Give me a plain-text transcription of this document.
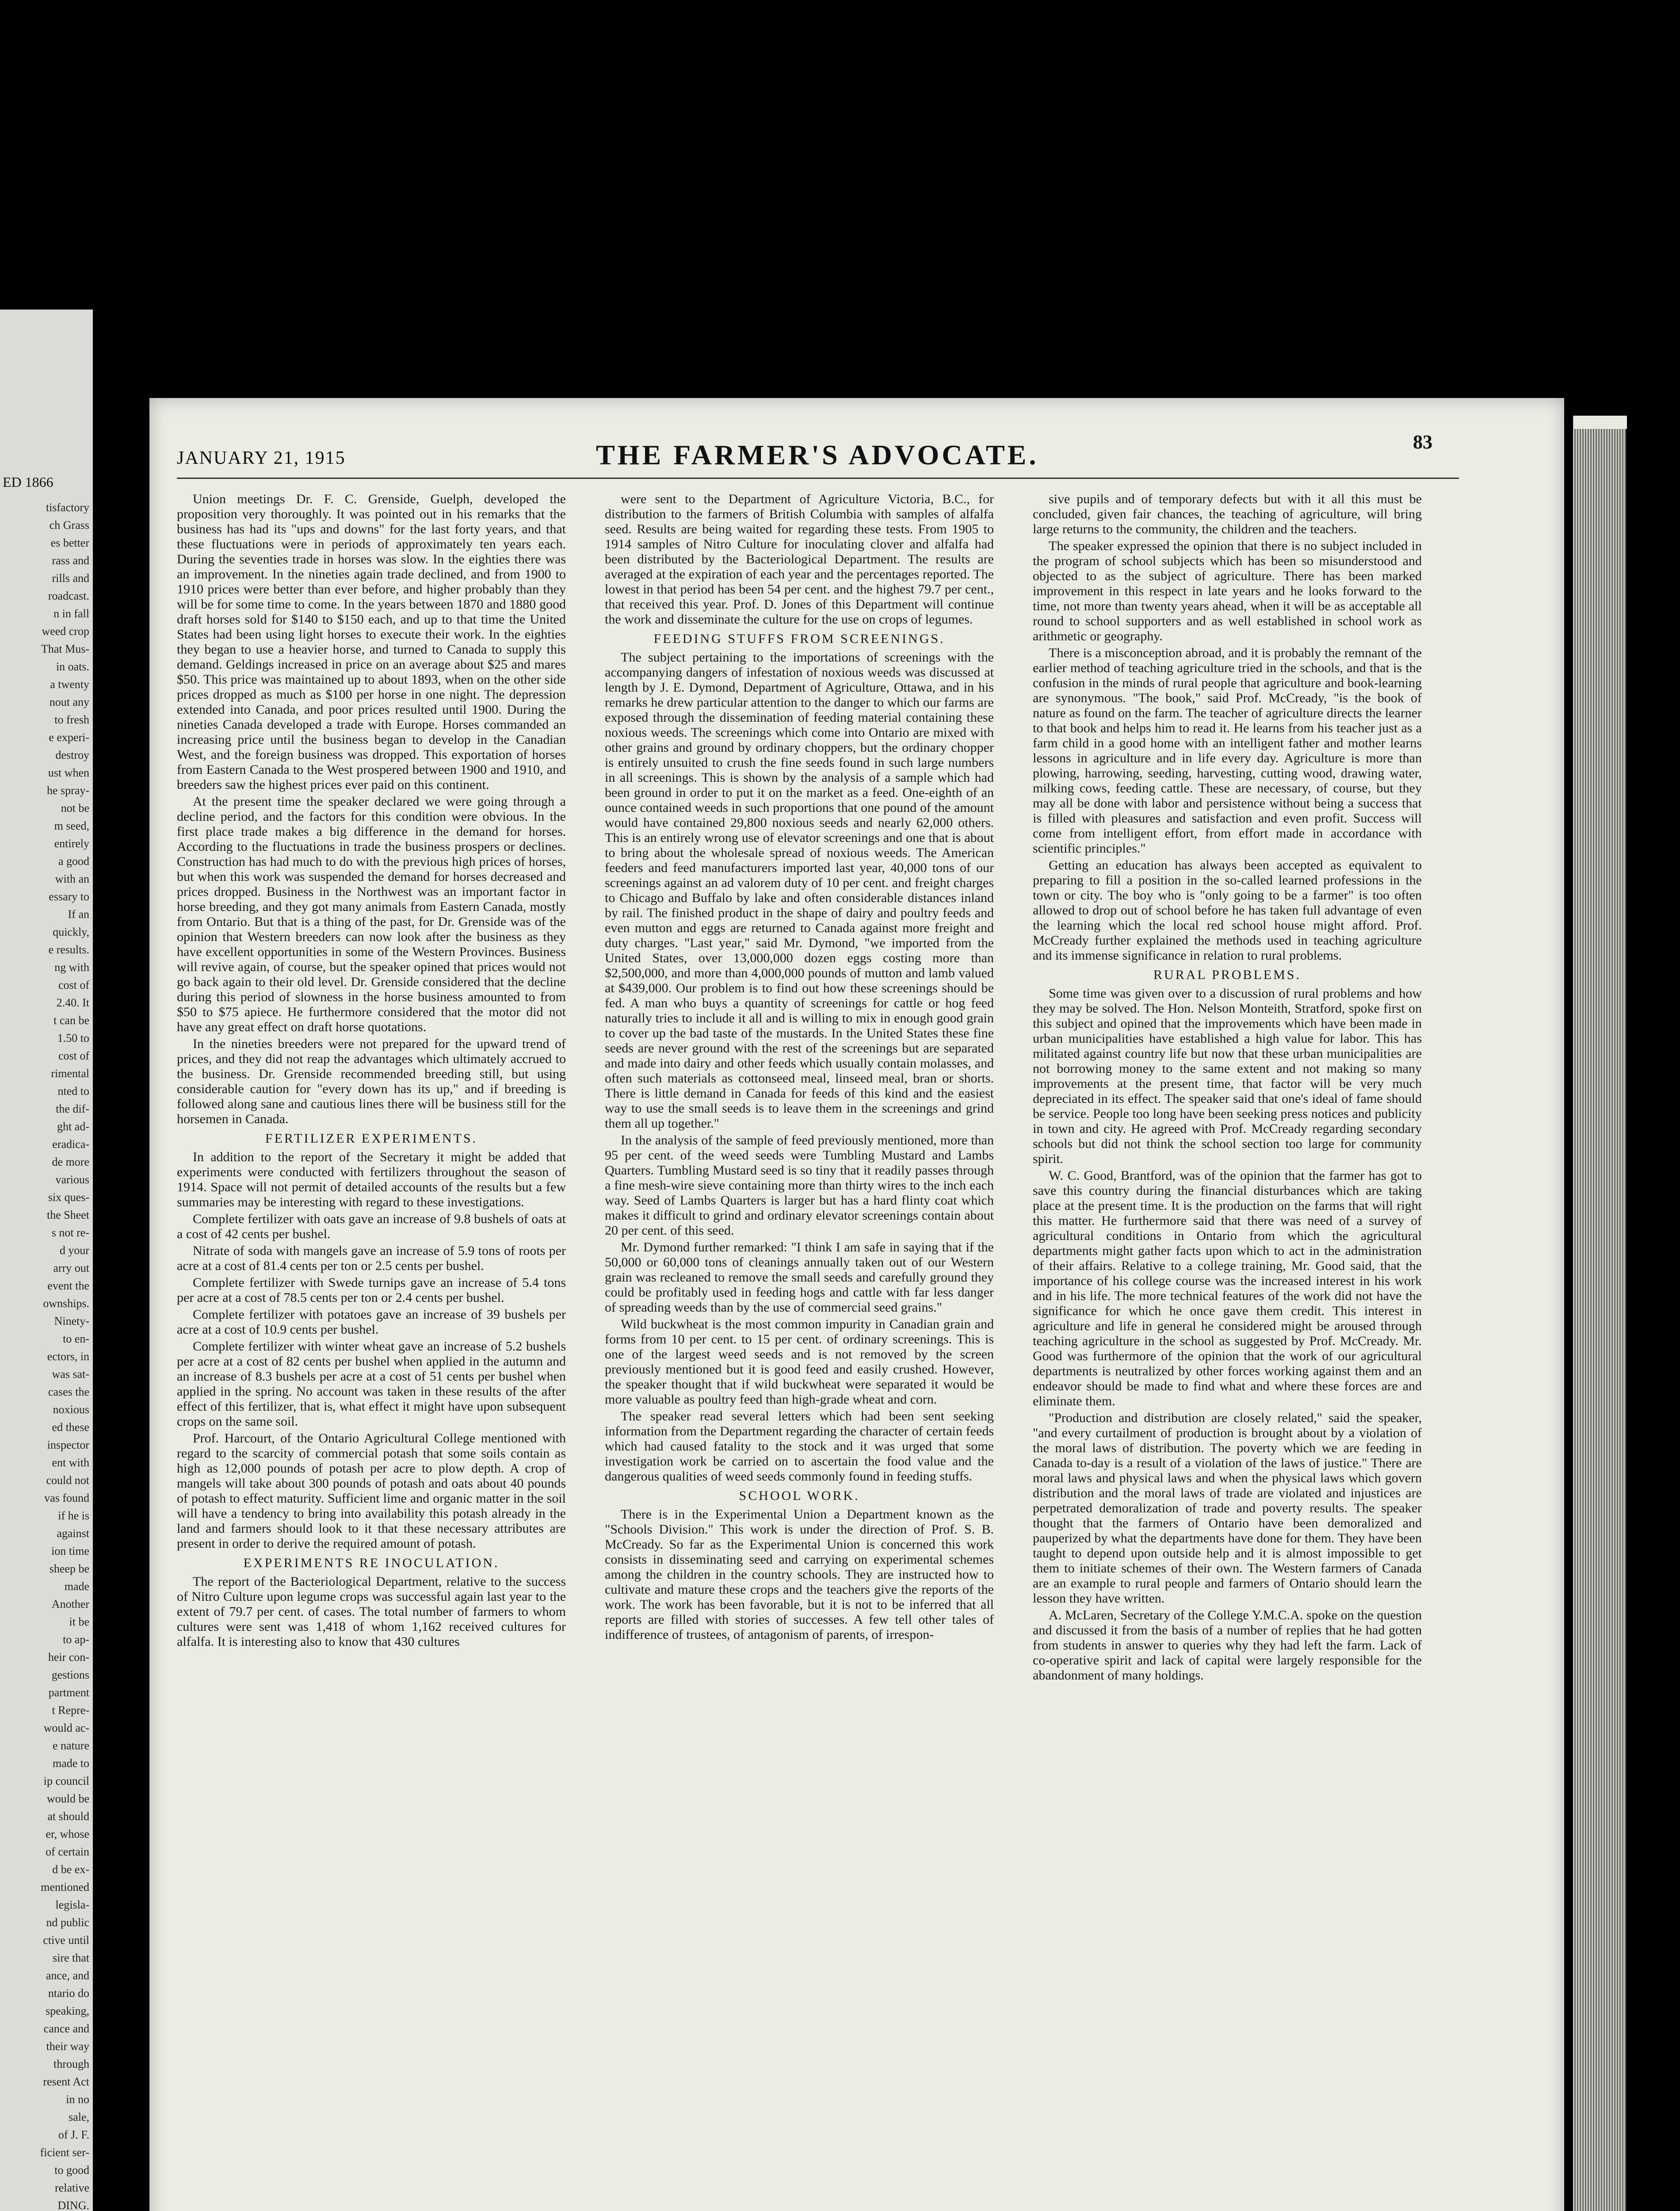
ED 1866
tisfactory
ch Grass
es better
rass and
rills and
roadcast.
n in fall
weed crop
That Mus-
in oats.
a twenty
nout any
to fresh
e experi-
destroy
ust when
he spray-
not be
m seed,
entirely
a good
with an
essary to
If an
quickly,
e results.
ng with
cost of
2.40. It
t can be
1.50 to
cost of
rimental
nted to
the dif-
ght ad-
eradica-
de more
various
six ques-
the Sheet
s not re-
d your
arry out
event the
ownships.
Ninety-
to en-
ectors, in
was sat-
cases the
noxious
ed these
inspector
ent with
could not
vas found
if he is
against
ion time
sheep be
made
Another
it be
to ap-
heir con-
gestions
partment
t Repre-
would ac-
e nature
made to
ip council
would be
at should
er, whose
of certain
d be ex-
mentioned
legisla-
nd public
ctive until
sire that
ance, and
ntario do
speaking,
cance and
their way
through
resent Act
in no
sale,
of J. F.
ficient ser-
to good
relative
DING.
JANUARY 21, 1915	THE FARMER'S ADVOCATE.	83

Union meetings Dr. F. C. Grenside, Guelph, developed the proposition very thoroughly. It was pointed out in his remarks that the business has had its "ups and downs" for the last forty years, and that these fluctuations were in periods of approximately ten years each. During the seventies trade in horses was slow. In the eighties there was an improvement. In the nineties again trade declined, and from 1900 to 1910 prices were better than ever before, and higher probably than they will be for some time to come. In the years between 1870 and 1880 good draft horses sold for $140 to $150 each, and up to that time the United States had been using light horses to execute their work. In the eighties they began to use a heavier horse, and turned to Canada to supply this demand. Geldings increased in price on an average about $25 and mares $50. This price was maintained up to about 1893, when on the other side prices dropped as much as $100 per horse in one night. The depression extended into Canada, and poor prices resulted until 1900. During the nineties Canada developed a trade with Europe. Horses commanded an increasing price until the business began to develop in the Canadian West, and the foreign business was dropped. This exportation of horses from Eastern Canada to the West prospered between 1900 and 1910, and breeders saw the highest prices ever paid on this continent.

At the present time the speaker declared we were going through a decline period, and the factors for this condition were obvious. In the first place trade makes a big difference in the demand for horses. According to the fluctuations in trade the business prospers or declines. Construction has had much to do with the previous high prices of horses, but when this work was suspended the demand for horses decreased and prices dropped. Business in the Northwest was an important factor in horse breeding, and they got many animals from Eastern Canada, mostly from Ontario. But that is a thing of the past, for Dr. Grenside was of the opinion that Western breeders can now look after the business as they have excellent opportunities in some of the Western Provinces. Business will revive again, of course, but the speaker opined that prices would not go back again to their old level. Dr. Grenside considered that the decline during this period of slowness in the horse business amounted to from $50 to $75 apiece. He furthermore considered that the motor did not have any great effect on draft horse quotations.

In the nineties breeders were not prepared for the upward trend of prices, and they did not reap the advantages which ultimately accrued to the business. Dr. Grenside recommended breeding still, but using considerable caution for "every down has its up," and if breeding is followed along sane and cautious lines there will be business still for the horsemen in Canada.

FERTILIZER EXPERIMENTS.

In addition to the report of the Secretary it might be added that experiments were conducted with fertilizers throughout the season of 1914. Space will not permit of detailed accounts of the results but a few summaries may be interesting with regard to these investigations.

Complete fertilizer with oats gave an increase of 9.8 bushels of oats at a cost of 42 cents per bushel.

Nitrate of soda with mangels gave an increase of 5.9 tons of roots per acre at a cost of 81.4 cents per ton or 2.5 cents per bushel.

Complete fertilizer with Swede turnips gave an increase of 5.4 tons per acre at a cost of 78.5 cents per ton or 2.4 cents per bushel.

Complete fertilizer with potatoes gave an increase of 39 bushels per acre at a cost of 10.9 cents per bushel.

Complete fertilizer with winter wheat gave an increase of 5.2 bushels per acre at a cost of 82 cents per bushel when applied in the autumn and an increase of 8.3 bushels per acre at a cost of 51 cents per bushel when applied in the spring. No account was taken in these results of the after effect of this fertilizer, that is, what effect it might have upon subsequent crops on the same soil.

Prof. Harcourt, of the Ontario Agricultural College mentioned with regard to the scarcity of commercial potash that some soils contain as high as 12,000 pounds of potash per acre to plow depth. A crop of mangels will take about 300 pounds of potash and oats about 40 pounds of potash to effect maturity. Sufficient lime and organic matter in the soil will have a tendency to bring into availability this potash already in the land and farmers should look to it that these necessary attributes are present in order to derive the required amount of potash.

EXPERIMENTS RE INOCULATION.

The report of the Bacteriological Department, relative to the success of Nitro Culture upon legume crops was successful again last year to the extent of 79.7 per cent. of cases. The total number of farmers to whom cultures were sent was 1,418 of whom 1,162 received cultures for alfalfa. It is interesting also to know that 430 cultures

were sent to the Department of Agriculture Victoria, B.C., for distribution to the farmers of British Columbia with samples of alfalfa seed. Results are being waited for regarding these tests. From 1905 to 1914 samples of Nitro Culture for inoculating clover and alfalfa had been distributed by the Bacteriological Department. The results are averaged at the expiration of each year and the percentages reported. The lowest in that period has been 54 per cent. and the highest 79.7 per cent., that received this year. Prof. D. Jones of this Department will continue the work and disseminate the culture for the use on crops of legumes.

FEEDING STUFFS FROM SCREENINGS.

The subject pertaining to the importations of screenings with the accompanying dangers of infestation of noxious weeds was discussed at length by J. E. Dymond, Department of Agriculture, Ottawa, and in his remarks he drew particular attention to the danger to which our farms are exposed through the dissemination of feeding material containing these noxious weeds. The screenings which come into Ontario are mixed with other grains and ground by ordinary choppers, but the ordinary chopper is entirely unsuited to crush the fine seeds found in such large numbers in all screenings. This is shown by the analysis of a sample which had been ground in order to put it on the market as a feed. One-eighth of an ounce contained weeds in such proportions that one pound of the amount would have contained 29,800 noxious seeds and nearly 62,000 others. This is an entirely wrong use of elevator screenings and one that is about to bring about the wholesale spread of noxious weeds. The American feeders and feed manufacturers imported last year, 40,000 tons of our screenings against an ad valorem duty of 10 per cent. and freight charges to Chicago and Buffalo by lake and often considerable distances inland by rail. The finished product in the shape of dairy and poultry feeds and even mutton and eggs are returned to Canada against more freight and duty charges. "Last year," said Mr. Dymond, "we imported from the United States, over 13,000,000 dozen eggs costing more than $2,500,000, and more than 4,000,000 pounds of mutton and lamb valued at $439,000. Our problem is to find out how these screenings should be fed. A man who buys a quantity of screenings for cattle or hog feed naturally tries to include it all and is willing to mix in enough good grain to cover up the bad taste of the mustards. In the United States these fine seeds are never ground with the rest of the screenings but are separated and made into dairy and other feeds which usually contain molasses, and often such materials as cottonseed meal, linseed meal, bran or shorts. There is little demand in Canada for feeds of this kind and the easiest way to use the small seeds is to leave them in the screenings and grind them all up together."

In the analysis of the sample of feed previously mentioned, more than 95 per cent. of the weed seeds were Tumbling Mustard and Lambs Quarters. Tumbling Mustard seed is so tiny that it readily passes through a fine mesh-wire sieve containing more than thirty wires to the inch each way. Seed of Lambs Quarters is larger but has a hard flinty coat which makes it difficult to grind and ordinary elevator screenings contain about 20 per cent. of this seed.

Mr. Dymond further remarked: "I think I am safe in saying that if the 50,000 or 60,000 tons of cleanings annually taken out of our Western grain was recleaned to remove the small seeds and carefully ground they could be profitably used in feeding hogs and cattle with far less danger of spreading weeds than by the use of commercial seed grains."

Wild buckwheat is the most common impurity in Canadian grain and forms from 10 per cent. to 15 per cent. of ordinary screenings. This is one of the largest weed seeds and is not removed by the screen previously mentioned but it is good feed and easily crushed. However, the speaker thought that if wild buckwheat were separated it would be more valuable as poultry feed than high-grade wheat and corn.

The speaker read several letters which had been sent seeking information from the Department regarding the character of certain feeds which had caused fatality to the stock and it was urged that some investigation work be carried on to ascertain the food value and the dangerous qualities of weed seeds commonly found in feeding stuffs.

SCHOOL WORK.

There is in the Experimental Union a Department known as the "Schools Division." This work is under the direction of Prof. S. B. McCready. So far as the Experimental Union is concerned this work consists in disseminating seed and carrying on experimental schemes among the children in the country schools. They are instructed how to cultivate and mature these crops and the teachers give the reports of the work. The work has been favorable, but it is not to be inferred that all reports are filled with stories of successes. A few tell other tales of indifference of trustees, of antagonism of parents, of irrespon-

sive pupils and of temporary defects but with it all this must be concluded, given fair chances, the teaching of agriculture, will bring large returns to the community, the children and the teachers.

The speaker expressed the opinion that there is no subject included in the program of school subjects which has been so misunderstood and objected to as the subject of agriculture. There has been marked improvement in this respect in late years and he looks forward to the time, not more than twenty years ahead, when it will be as acceptable all round to school supporters and as well established in school work as arithmetic or geography.

There is a misconception abroad, and it is probably the remnant of the earlier method of teaching agriculture tried in the schools, and that is the confusion in the minds of rural people that agriculture and book-learning are synonymous. "The book," said Prof. McCready, "is the book of nature as found on the farm. The teacher of agriculture directs the learner to that book and helps him to read it. He learns from his teacher just as a farm child in a good home with an intelligent father and mother learns lessons in agriculture and in life every day. Agriculture is more than plowing, harrowing, seeding, harvesting, cutting wood, drawing water, milking cows, feeding cattle. These are necessary, of course, but they may all be done with labor and persistence without being a success that is filled with pleasures and satisfaction and even profit. Success will come from intelligent effort, from effort made in accordance with scientific principles."

Getting an education has always been accepted as equivalent to preparing to fill a position in the so-called learned professions in the town or city. The boy who is "only going to be a farmer" is too often allowed to drop out of school before he has taken full advantage of even the learning which the local red school house might afford. Prof. McCready further explained the methods used in teaching agriculture and its immense significance in relation to rural problems.

RURAL PROBLEMS.

Some time was given over to a discussion of rural problems and how they may be solved. The Hon. Nelson Monteith, Stratford, spoke first on this subject and opined that the improvements which have been made in urban municipalities have established a high value for labor. This has militated against country life but now that these urban municipalities are not borrowing money to the same extent and not making so many improvements at the present time, that factor will be very much depreciated in its effect. The speaker said that one's ideal of fame should be service. People too long have been seeking press notices and publicity in town and city. He agreed with Prof. McCready regarding secondary schools but did not think the school section too large for community spirit.

W. C. Good, Brantford, was of the opinion that the farmer has got to save this country during the financial disturbances which are taking place at the present time. It is the production on the farms that will right this matter. He furthermore said that there was need of a survey of agricultural conditions in Ontario from which the agricultural departments might gather facts upon which to act in the administration of their affairs. Relative to a college training, Mr. Good said, that the importance of his college course was the increased interest in his work and in his life. The more technical features of the work did not have the significance for which he once gave them credit. This interest in agriculture and life in general he considered might be aroused through teaching agriculture in the school as suggested by Prof. McCready. Mr. Good was furthermore of the opinion that the work of our agricultural departments is neutralized by other forces working against them and an endeavor should be made to find what and where these forces are and eliminate them.

"Production and distribution are closely related," said the speaker, "and every curtailment of production is brought about by a violation of the moral laws of distribution. The poverty which we are feeding in Canada to-day is a result of a violation of the laws of justice." There are moral laws and physical laws and when the physical laws which govern distribution and the moral laws of trade are violated and injustices are perpetrated demoralization of trade and poverty results. The speaker thought that the farmers of Ontario have been demoralized and pauperized by what the departments have done for them. They have been taught to depend upon outside help and it is almost impossible to get them to initiate schemes of their own. The Western farmers of Canada are an example to rural people and farmers of Ontario should learn the lesson they have written.

A. McLaren, Secretary of the College Y.M.C.A. spoke on the question and discussed it from the basis of a number of replies that he had gotten from students in answer to queries why they had left the farm. Lack of co-operative spirit and lack of capital were largely responsible for the abandonment of many holdings.
